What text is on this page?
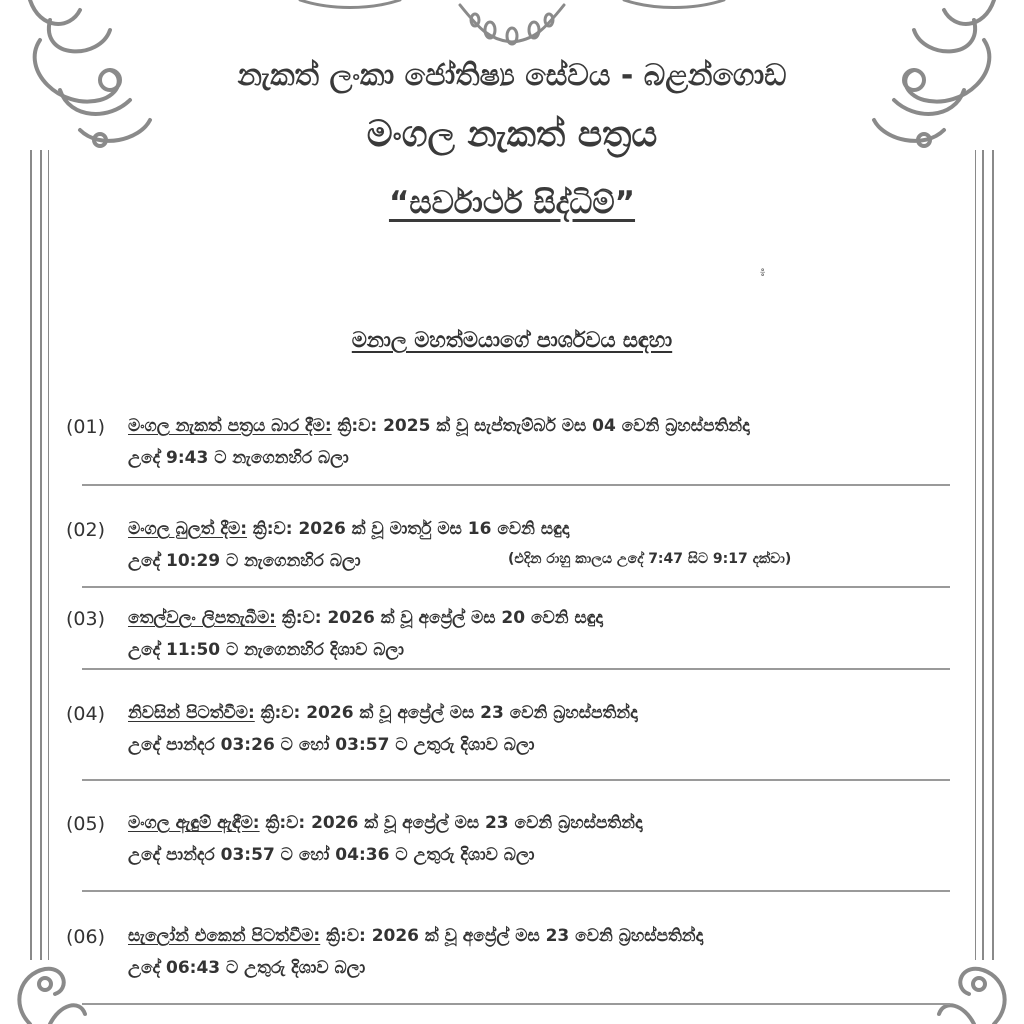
නැකත් ලංකා ජෝතිෂ්‍ය සේවය - බළන්ගොඩ
මංගල නැකත් පත්‍රය
“සර්වාර්ථ සිද්ධිම්”
៖
මනාල මහත්මයාගේ පාර්ශවය සඳහා
(01) මංගල නැකත් පත්‍රය බාර දීම: ක්‍රි:ව: 2025 ක් වූ සැප්තැම්බර් මස 04 වෙනි බ්‍රහස්පතින්දා
උදේ 9:43 ට නැගෙනහිර බලා
(02) මංගල බුලත් දීම: ක්‍රි:ව: 2026 ක් වූ මාර්තු මස 16 වෙනි සඳුදා
උදේ 10:29 ට නැගෙනහිර බලා	(එදින රාහු කාලය උදේ 7:47 සිට 9:17 දක්වා)
(03) තෙල්වලං ලිපතැබීම: ක්‍රි:ව: 2026 ක් වූ අප්‍රේල් මස 20 වෙනි සඳුදා
උදේ 11:50 ට නැගෙනහිර දිශාව බලා
(04) නිවසින් පිටත්වීම: ක්‍රි:ව: 2026 ක් වූ අප්‍රේල් මස 23 වෙනි බ්‍රහස්පතින්දා
උදේ පාන්දර 03:26 ට හෝ 03:57 ට උතුරු දිශාව බලා
(05) මංගල ඇඳුම් ඇඳීම: ක්‍රි:ව: 2026 ක් වූ අප්‍රේල් මස 23 වෙනි බ්‍රහස්පතින්දා
උදේ පාන්දර 03:57 ට හෝ 04:36 ට උතුරු දිශාව බලා
(06) සැලෝන් එකෙන් පිටත්වීම: ක්‍රි:ව: 2026 ක් වූ අප්‍රේල් මස 23 වෙනි බ්‍රහස්පතින්දා
උදේ 06:43 ට උතුරු දිශාව බලා
